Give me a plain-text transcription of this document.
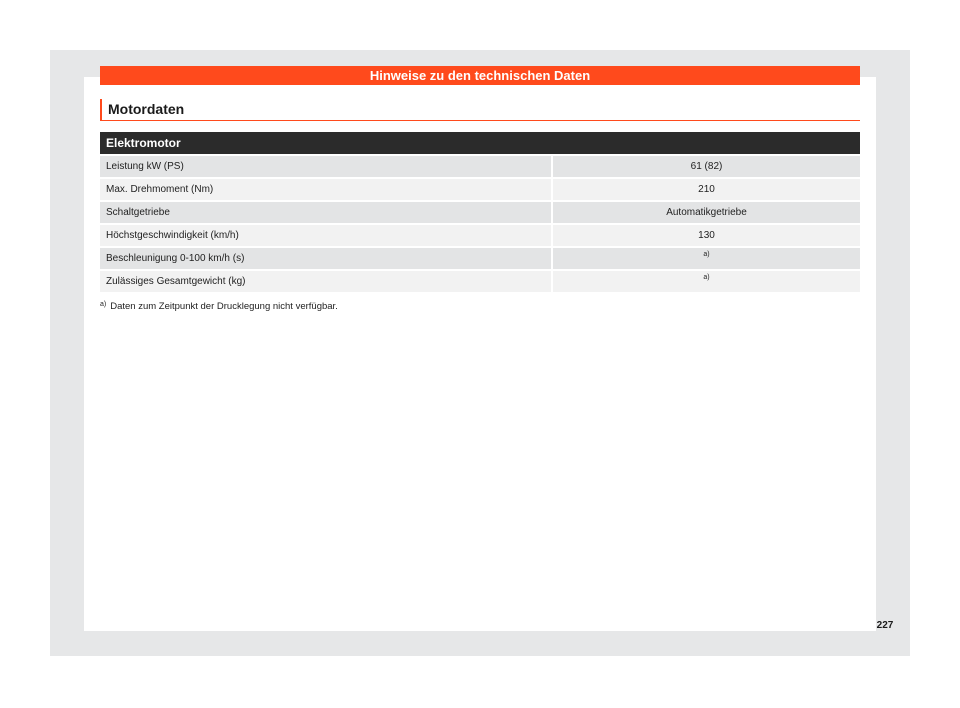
Hinweise zu den technischen Daten
Motordaten
Elektromotor
Leistung kW (PS)	61 (82)
Max. Drehmoment (Nm)	210
Schaltgetriebe	Automatikgetriebe
Höchstgeschwindigkeit (km/h)	130
Beschleunigung 0-100 km/h (s)	$^{a)}$
Zulässiges Gesamtgewicht (kg)	$^{a)}$
$^{a)}$ Daten zum Zeitpunkt der Drucklegung nicht verfügbar.
227
